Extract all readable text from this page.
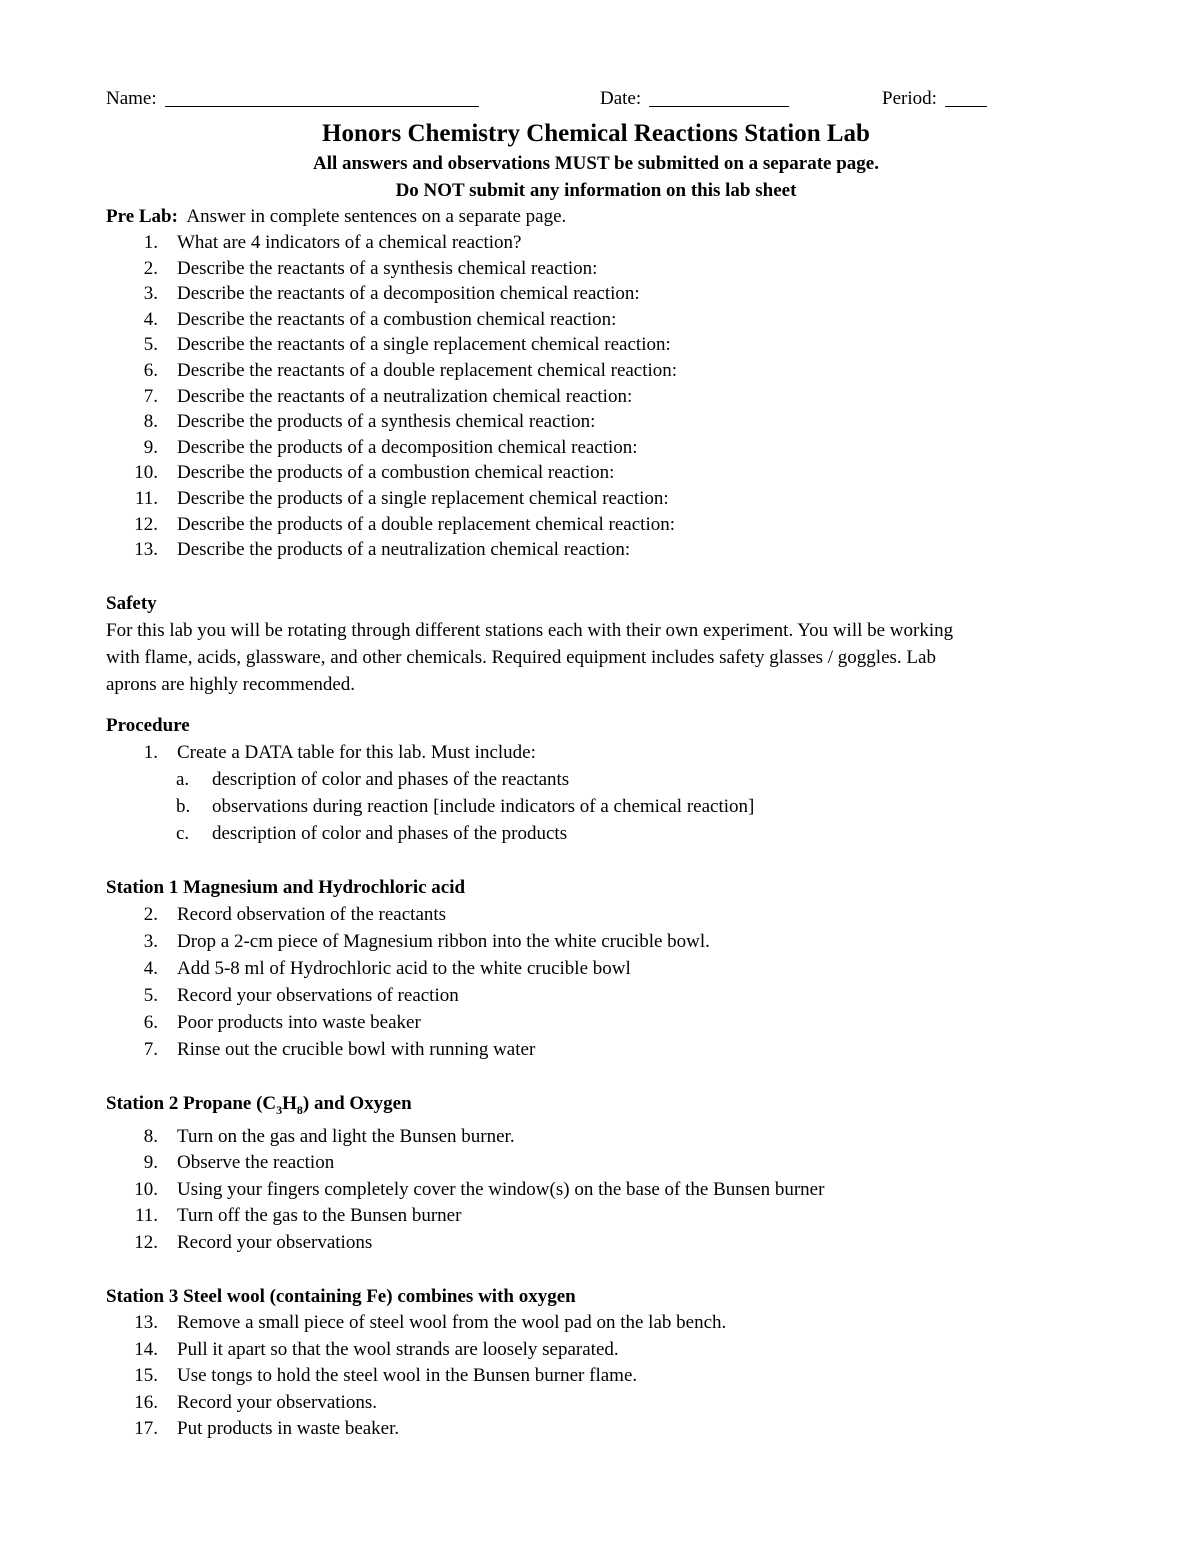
Name:	Date:	Period:
Honors Chemistry Chemical Reactions Station Lab
All answers and observations MUST be submitted on a separate page.
Do NOT submit any information on this lab sheet
Pre Lab: Answer in complete sentences on a separate page.
1. What are 4 indicators of a chemical reaction?
2. Describe the reactants of a synthesis chemical reaction:
3. Describe the reactants of a decomposition chemical reaction:
4. Describe the reactants of a combustion chemical reaction:
5. Describe the reactants of a single replacement chemical reaction:
6. Describe the reactants of a double replacement chemical reaction:
7. Describe the reactants of a neutralization chemical reaction:
8. Describe the products of a synthesis chemical reaction:
9. Describe the products of a decomposition chemical reaction:
10. Describe the products of a combustion chemical reaction:
11. Describe the products of a single replacement chemical reaction:
12. Describe the products of a double replacement chemical reaction:
13. Describe the products of a neutralization chemical reaction:
Safety
For this lab you will be rotating through different stations each with their own experiment. You will be working
with flame, acids, glassware, and other chemicals. Required equipment includes safety glasses / goggles. Lab
aprons are highly recommended.
Procedure
1. Create a DATA table for this lab. Must include:
a.	description of color and phases of the reactants
b.	observations during reaction [include indicators of a chemical reaction]
c.	description of color and phases of the products
Station 1 Magnesium and Hydrochloric acid
2. Record observation of the reactants
3. Drop a 2-cm piece of Magnesium ribbon into the white crucible bowl.
4. Add 5-8 ml of Hydrochloric acid to the white crucible bowl
5. Record your observations of reaction
6. Poor products into waste beaker
7. Rinse out the crucible bowl with running water
Station 2 Propane $(C_3H_8)$ and Oxygen
8. Turn on the gas and light the Bunsen burner.
9. Observe the reaction
10. Using your fingers completely cover the window(s) on the base of the Bunsen burner
11. Turn off the gas to the Bunsen burner
12. Record your observations
Station 3 Steel wool (containing Fe) combines with oxygen
13. Remove a small piece of steel wool from the wool pad on the lab bench.
14. Pull it apart so that the wool strands are loosely separated.
15. Use tongs to hold the steel wool in the Bunsen burner flame.
16. Record your observations.
17. Put products in waste beaker.
